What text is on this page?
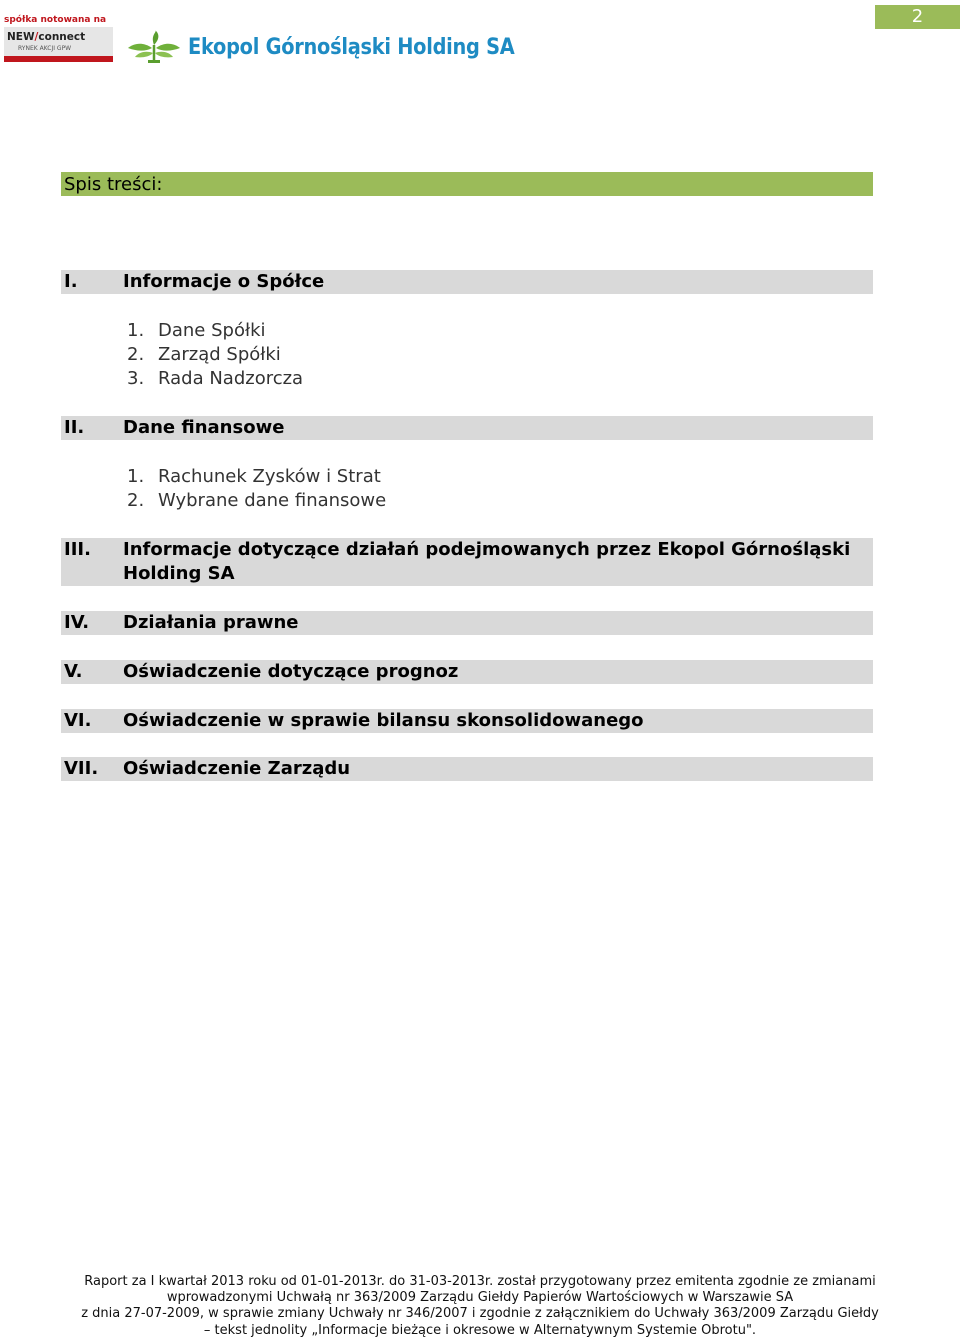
2
spółka notowana na
NEW/connect
RYNEK AKCJI GPW	Ekopol Górnośląski Holding SA
Spis treści:
I.	Informacje o Spółce
1. Dane Spółki
2. Zarząd Spółki
3. Rada Nadzorcza
II. Dane finansowe
1. Rachunek Zysków i Strat
2. Wybrane dane finansowe
III. Informacje dotyczące działań podejmowanych przez Ekopol Górnośląski Holding SA
IV. Działania prawne
V. Oświadczenie dotyczące prognoz
VI. Oświadczenie w sprawie bilansu skonsolidowanego
VII. Oświadczenie Zarządu
Raport za I kwartał 2013 roku od 01-01-2013r. do 31-03-2013r. został przygotowany przez emitenta zgodnie ze zmianami
wprowadzonymi Uchwałą nr 363/2009 Zarządu Giełdy Papierów Wartościowych w Warszawie SA
z dnia 27-07-2009, w sprawie zmiany Uchwały nr 346/2007 i zgodnie z załącznikiem do Uchwały 363/2009 Zarządu Giełdy
– tekst jednolity „Informacje bieżące i okresowe w Alternatywnym Systemie Obrotu".
